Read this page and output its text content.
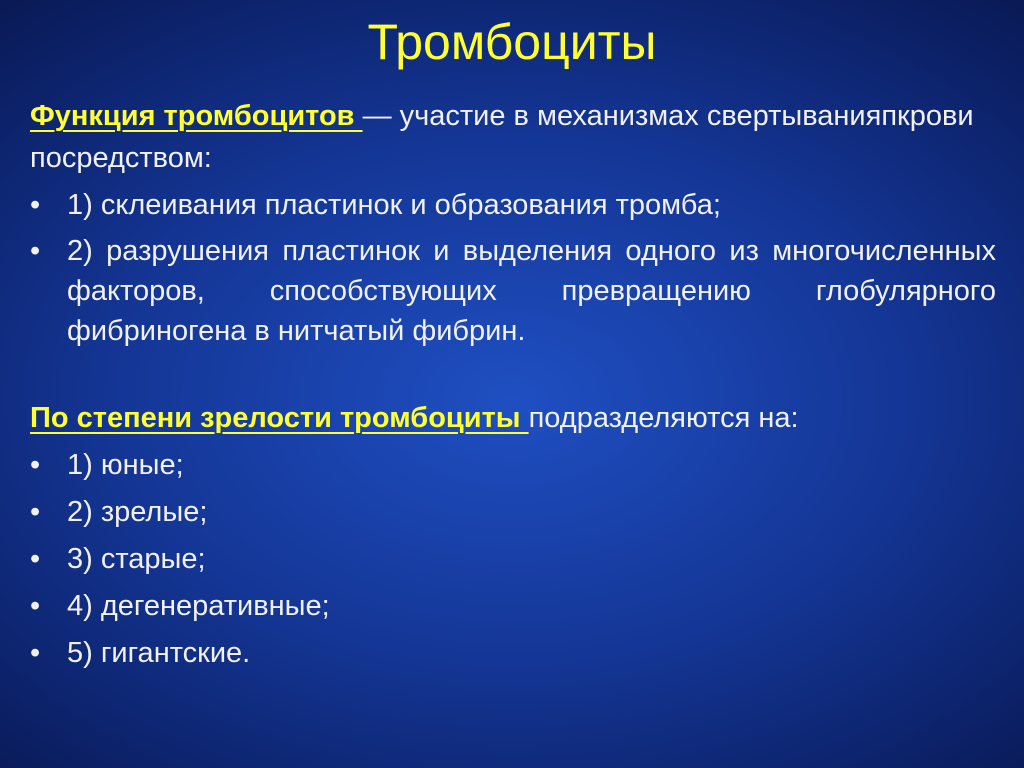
Тромбоциты

Функция тромбоцитов — участие в механизмах свертыванияпкрови посредством:

• 1) склеивания пластинок и образования тромба;
• 2) разрушения пластинок и выделения одного из многочисленных факторов, способствующих превращению глобулярного фибриногена в нитчатый фибрин.

По степени зрелости тромбоциты подразделяются на:

• 1) юные;
• 2) зрелые;
• 3) старые;
• 4) дегенеративные;
• 5) гигантские.
